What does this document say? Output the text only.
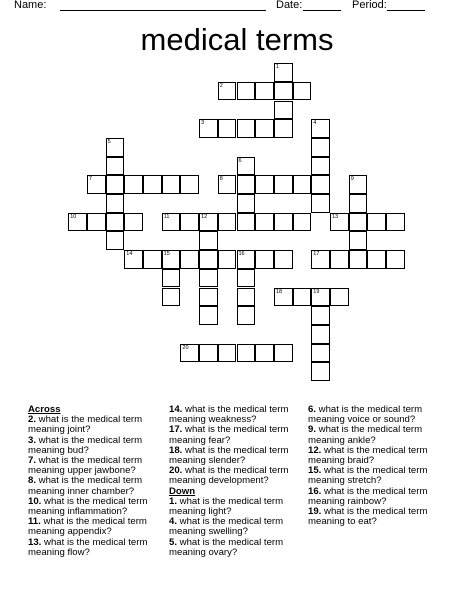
Name:	Date:	Period:
medical terms
1
2
3	4
5
6
7	8	9
10	11	12	13
14	15	16	17
18	19
20
Across
2. what is the medical term meaning joint?
3. what is the medical term meaning bud?
7. what is the medical term meaning upper jawbone?
8. what is the medical term meaning inner chamber?
10. what is the medical term meaning inflammation?
11. what is the medical term meaning appendix?
13. what is the medical term meaning flow?
14. what is the medical term meaning weakness?
17. what is the medical term meaning fear?
18. what is the medical term meaning slender?
20. what is the medical term meaning development?
Down
1. what is the medical term meaning light?
4. what is the medical term meaning swelling?
5. what is the medical term meaning ovary?
6. what is the medical term meaning voice or sound?
9. what is the medical term meaning ankle?
12. what is the medical term meaning braid?
15. what is the medical term meaning stretch?
16. what is the medical term meaning rainbow?
19. what is the medical term meaning to eat?
